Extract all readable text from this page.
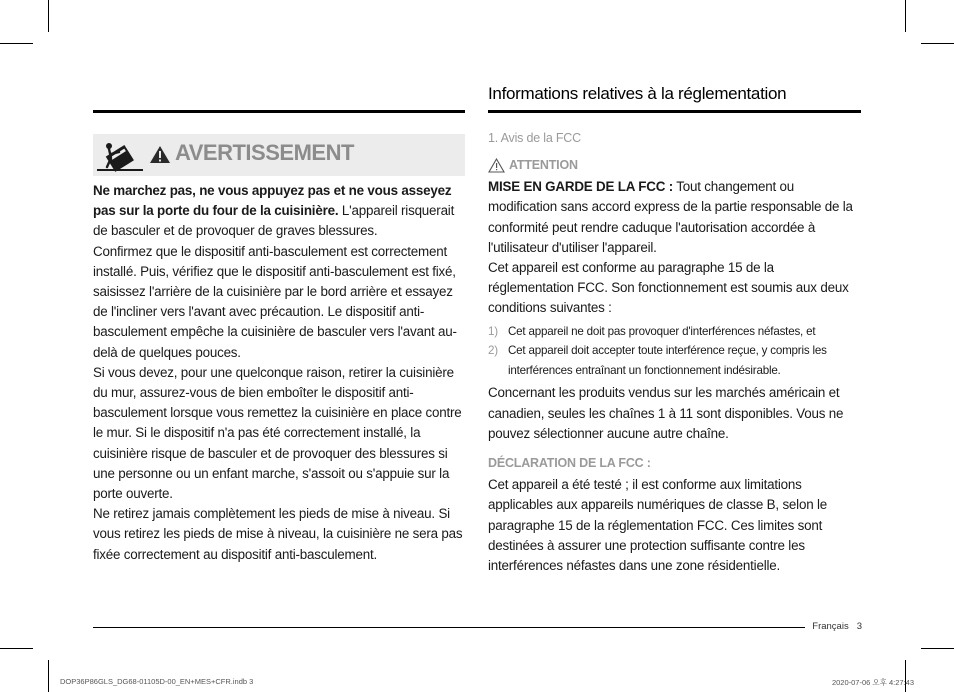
AVERTISSEMENT

Ne marchez pas, ne vous appuyez pas et ne vous asseyez pas sur la porte du four de la cuisinière. L'appareil risquerait de basculer et de provoquer de graves blessures.

Confirmez que le dispositif anti-basculement est correctement installé. Puis, vérifiez que le dispositif anti-basculement est fixé, saisissez l'arrière de la cuisinière par le bord arrière et essayez de l'incliner vers l'avant avec précaution. Le dispositif anti-basculement empêche la cuisinière de basculer vers l'avant au-delà de quelques pouces.

Si vous devez, pour une quelconque raison, retirer la cuisinière du mur, assurez-vous de bien emboîter le dispositif anti-basculement lorsque vous remettez la cuisinière en place contre le mur. Si le dispositif n'a pas été correctement installé, la cuisinière risque de basculer et de provoquer des blessures si une personne ou un enfant marche, s'assoit ou s'appuie sur la porte ouverte.

Ne retirez jamais complètement les pieds de mise à niveau. Si vous retirez les pieds de mise à niveau, la cuisinière ne sera pas fixée correctement au dispositif anti-basculement.

Informations relatives à la réglementation

1. Avis de la FCC

ATTENTION

MISE EN GARDE DE LA FCC : Tout changement ou modification sans accord express de la partie responsable de la conformité peut rendre caduque l'autorisation accordée à l'utilisateur d'utiliser l'appareil.

Cet appareil est conforme au paragraphe 15 de la réglementation FCC. Son fonctionnement est soumis aux deux conditions suivantes :

1) Cet appareil ne doit pas provoquer d'interférences néfastes, et
2) Cet appareil doit accepter toute interférence reçue, y compris les interférences entraînant un fonctionnement indésirable.

Concernant les produits vendus sur les marchés américain et canadien, seules les chaînes 1 à 11 sont disponibles. Vous ne pouvez sélectionner aucune autre chaîne.

DÉCLARATION DE LA FCC :

Cet appareil a été testé ; il est conforme aux limitations applicables aux appareils numériques de classe B, selon le paragraphe 15 de la réglementation FCC. Ces limites sont destinées à assurer une protection suffisante contre les interférences néfastes dans une zone résidentielle.

Français 3
DOP36P86GLS_DG68-01105D-00_EN+MES+CFR.indb 3	2020-07-06 오후 4:27:43
